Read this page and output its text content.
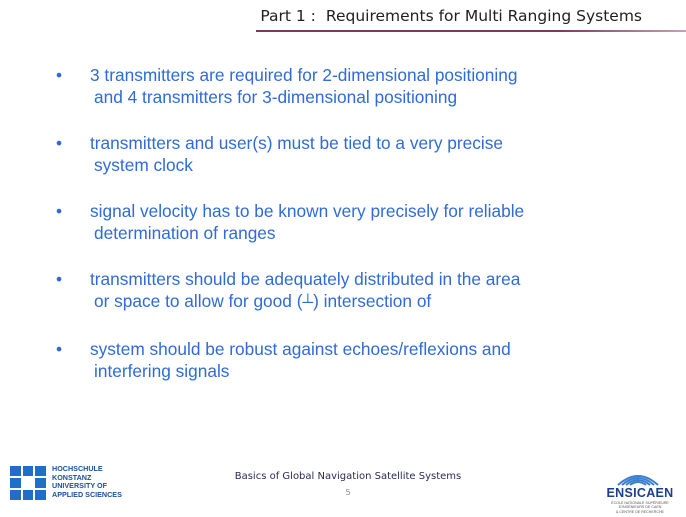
Part 1 : Requirements for Multi Ranging Systems
•	3 transmitters are required for 2-dimensional positioning
and 4 transmitters for 3-dimensional positioning
•	transmitters and user(s) must be tied to a very precise
system clock
•	signal velocity has to be known very precisely for reliable
determination of ranges
•	transmitters should be adequately distributed in the area
or space to allow for good (┴) intersection of
•	system should be robust against echoes/reflexions and
interfering signals
HOCHSCHULE
KONSTANZ
UNIVERSITY OF
APPLIED SCIENCES
Basics of Global Navigation Satellite Systems
5	ENSICAEN
ÉCOLE NATIONALE SUPÉRIEURE D'INGÉNIEURS DE CAEN
& CENTRE DE RECHERCHE
